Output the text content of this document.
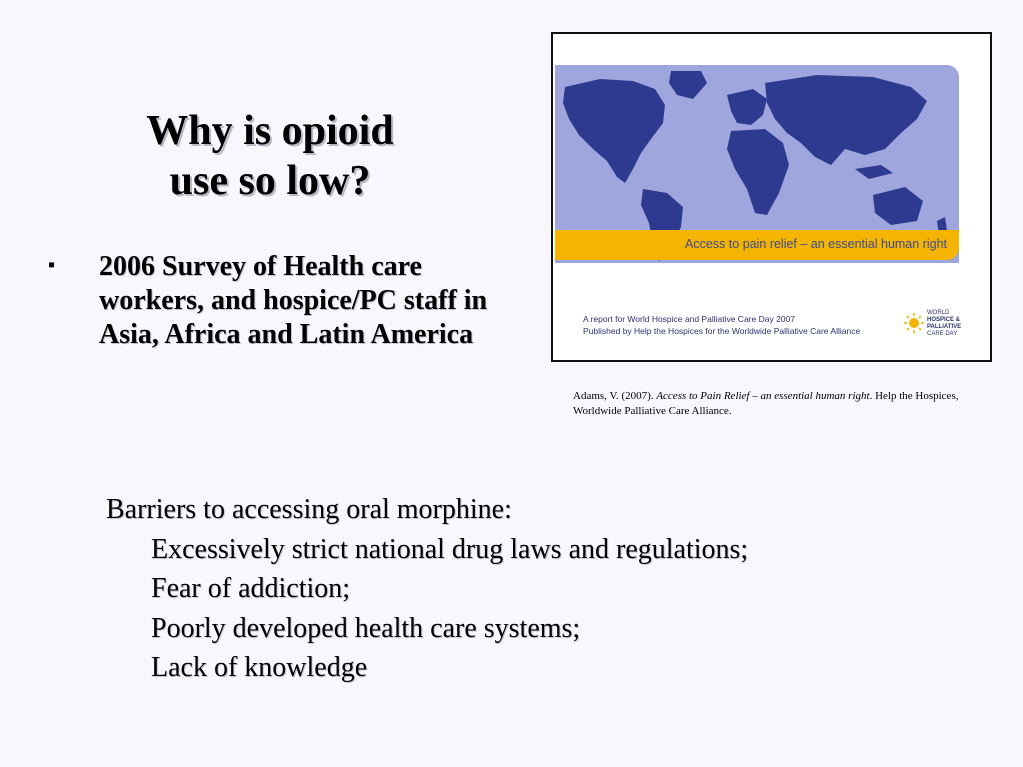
Why is opioid
use so low?
▪ 2006 Survey of Health care workers, and hospice/PC staff in Asia, Africa and Latin America
Access to pain relief – an essential human right
A report for World Hospice and Palliative Care Day 2007
Published by Help the Hospices for the Worldwide Palliative Care Alliance
WORLD
HOSPICE &
PALLIATIVE
CARE DAY
Adams, V. (2007). Access to Pain Relief – an essential human right. Help the Hospices, Worldwide Palliative Care Alliance.
Barriers to accessing oral morphine:
Excessively strict national drug laws and regulations;
Fear of addiction;
Poorly developed health care systems;
Lack of knowledge
